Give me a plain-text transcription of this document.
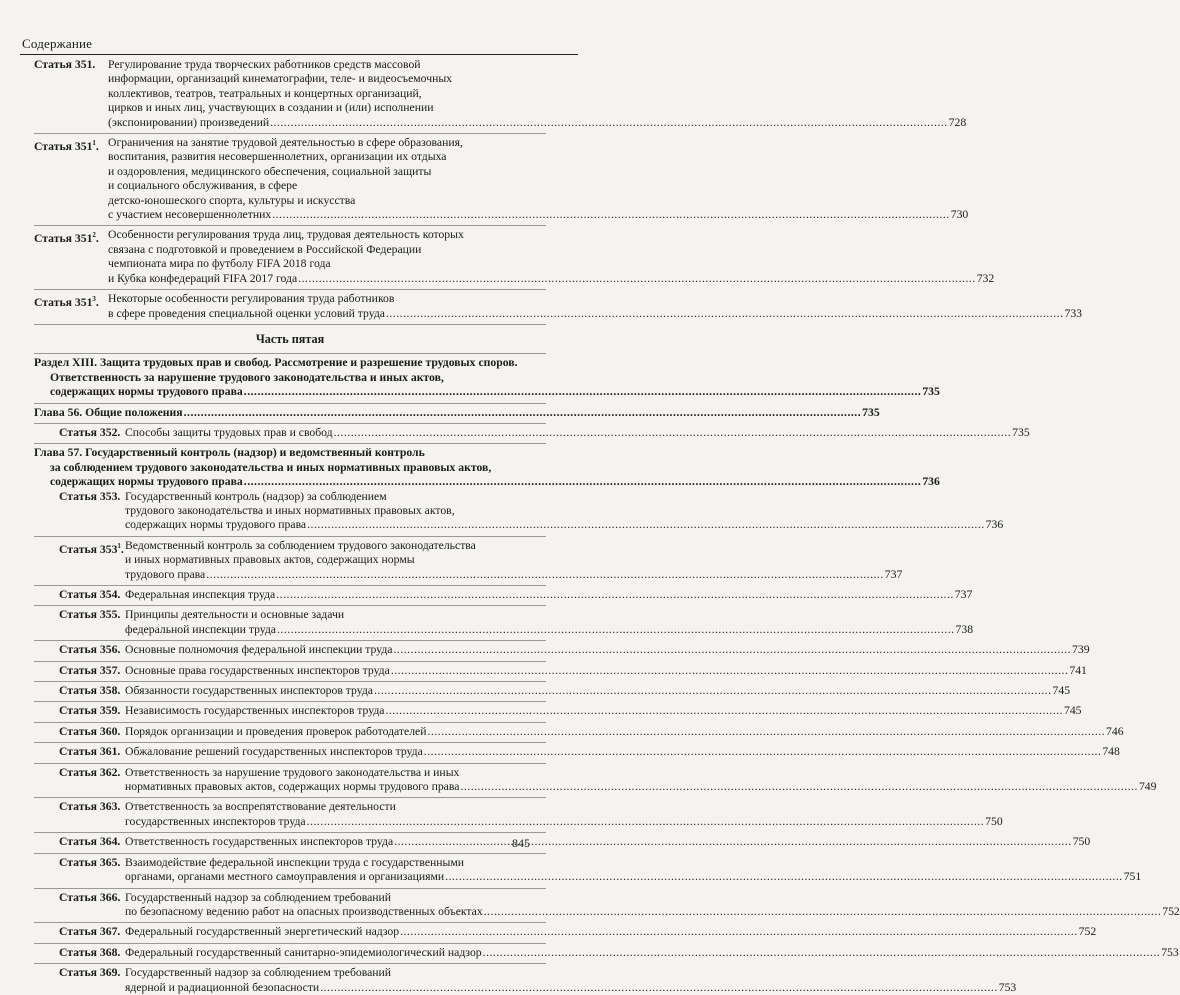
Содержание
Статья 351.	Регулирование труда творческих работников средств массовой
информации, организаций кинематографии, теле- и видеосъемочных
коллективов, театров, театральных и концертных организаций,
цирков и иных лиц, участвующих в создании и (или) исполнении
(экспонировании) произведений .....	728
Статья $351^1$. Ограничения на занятие трудовой деятельностью в сфере образования,
воспитания, развития несовершеннолетних, организации их отдыха
и оздоровления, медицинского обеспечения, социальной защиты
и социального обслуживания, в сфере
детско-юношеского спорта, культуры и искусства
с участием несовершеннолетних .....	730
Статья $351^2$. Особенности регулирования труда лиц, трудовая деятельность которых
связана с подготовкой и проведением в Российской Федерации
чемпионата мира по футболу FIFA 2018 года
и Кубка конфедераций FIFA 2017 года .....	732
Статья $351^3$. Некоторые особенности регулирования труда работников
в сфере проведения специальной оценки условий труда .....	733
Часть пятая
Раздел XIII. Защита трудовых прав и свобод. Рассмотрение и разрешение трудовых споров.
Ответственность за нарушение трудового законодательства и иных актов,
содержащих нормы трудового права .....	735
Глава 56. Общие положения .....	735
Статья 352. Способы защиты трудовых прав и свобод .....	735
Глава 57. Государственный контроль (надзор) и ведомственный контроль
за соблюдением трудового законодательства и иных нормативных правовых актов,
содержащих нормы трудового права .....	736
Статья 353. Государственный контроль (надзор) за соблюдением
трудового законодательства и иных нормативных правовых актов,
содержащих нормы трудового права .....	736
Статья $353^1$. Ведомственный контроль за соблюдением трудового законодательства
и иных нормативных правовых актов, содержащих нормы
трудового права .....	737
Статья 354. Федеральная инспекция труда .....	737
Статья 355. Принципы деятельности и основные задачи
федеральной инспекции труда .....	738
Статья 356. Основные полномочия федеральной инспекции труда .....	739
Статья 357. Основные права государственных инспекторов труда .....	741
Статья 358. Обязанности государственных инспекторов труда .....	745
Статья 359. Независимость государственных инспекторов труда .....	745
Статья 360. Порядок организации и проведения проверок работодателей .....	746
Статья 361. Обжалование решений государственных инспекторов труда .....	748
Статья 362. Ответственность за нарушение трудового законодательства и иных
нормативных правовых актов, содержащих нормы трудового права .....	749
Статья 363. Ответственность за воспрепятствование деятельности
государственных инспекторов труда .....	750
Статья 364. Ответственность государственных инспекторов труда .....	750
Статья 365. Взаимодействие федеральной инспекции труда с государственными
органами, органами местного самоуправления и организациями .....	751
Статья 366. Государственный надзор за соблюдением требований
по безопасному ведению работ на опасных производственных объектах .....	752
Статья 367. Федеральный государственный энергетический надзор .....	752
Статья 368. Федеральный государственный санитарно-эпидемиологический надзор .....	753
Статья 369. Государственный надзор за соблюдением требований
ядерной и радиационной безопасности .....	753
845
